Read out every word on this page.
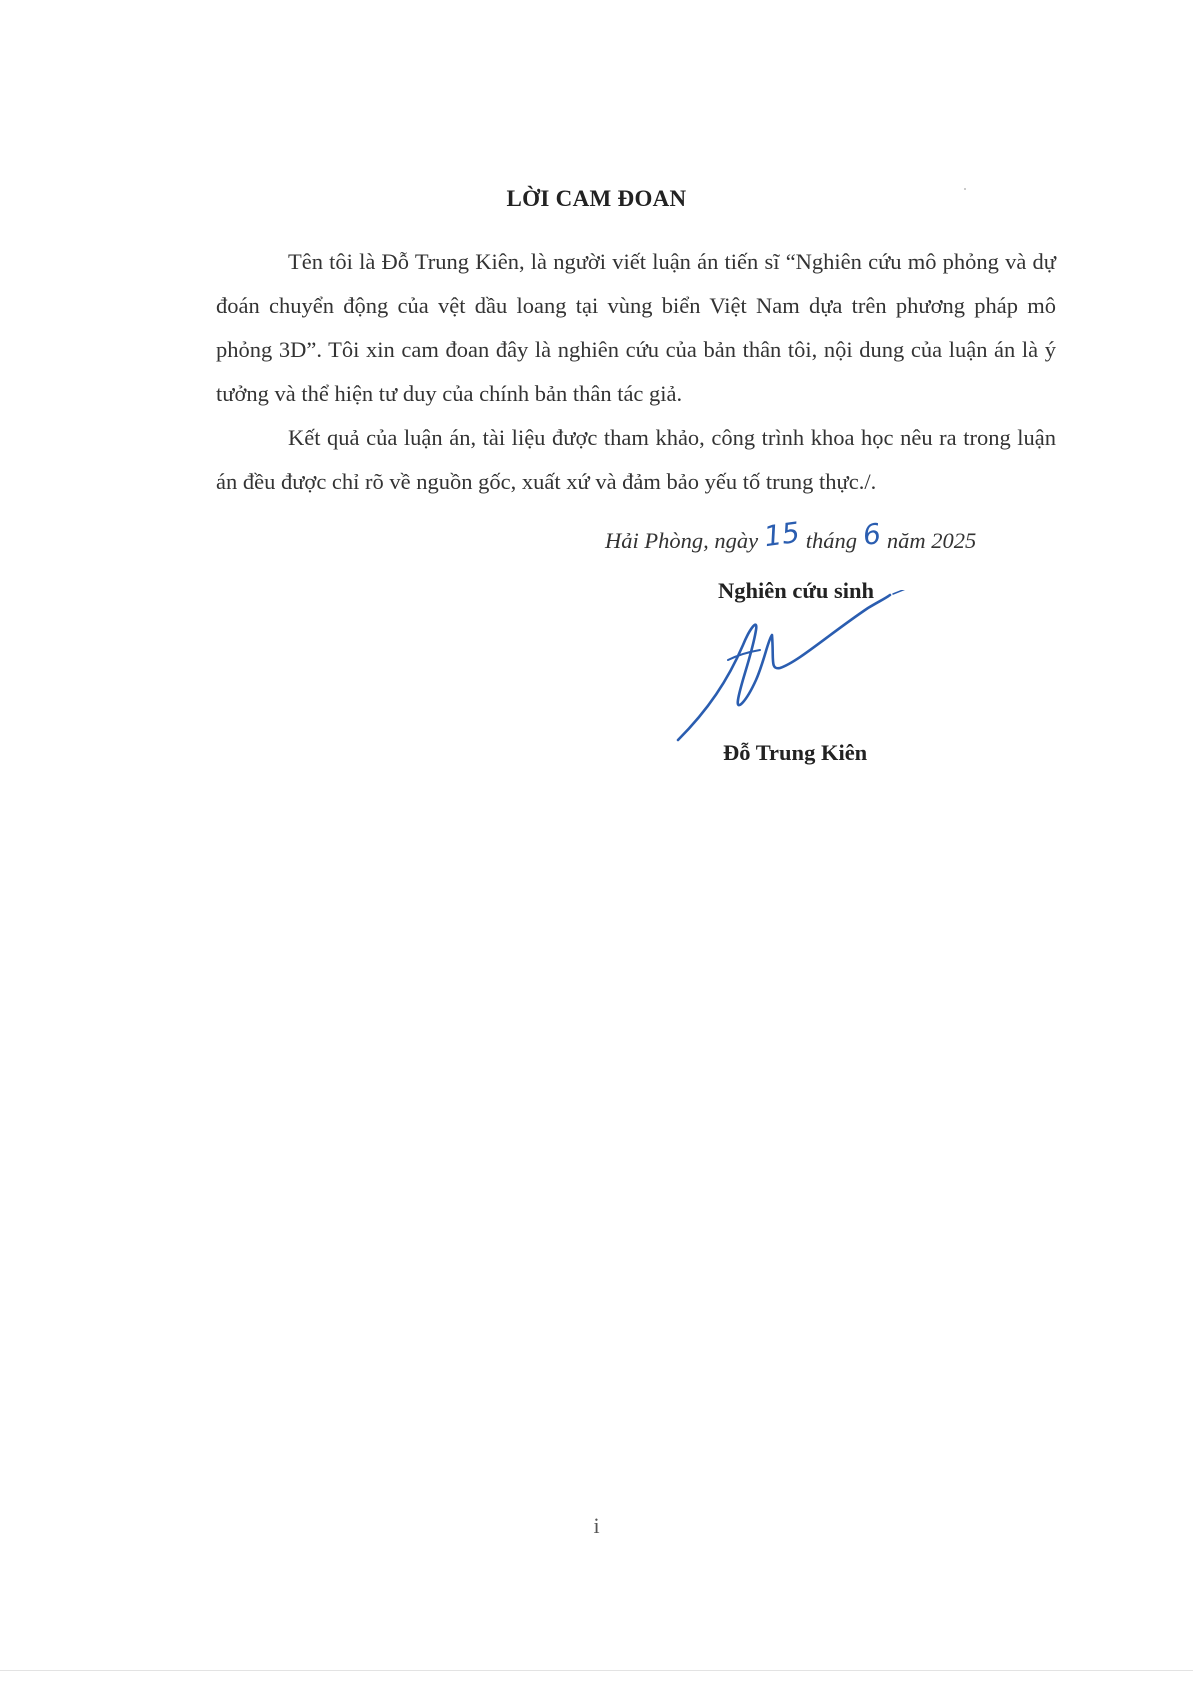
LỜI CAM ĐOAN

Tên tôi là Đỗ Trung Kiên, là người viết luận án tiến sĩ “Nghiên cứu mô phỏng và dự đoán chuyển động của vệt dầu loang tại vùng biển Việt Nam dựa trên phương pháp mô phỏng 3D”. Tôi xin cam đoan đây là nghiên cứu của bản thân tôi, nội dung của luận án là ý tưởng và thể hiện tư duy của chính bản thân tác giả.

Kết quả của luận án, tài liệu được tham khảo, công trình khoa học nêu ra trong luận án đều được chỉ rõ về nguồn gốc, xuất xứ và đảm bảo yếu tố trung thực./.

Hải Phòng, ngày 15 tháng 6 năm 2025
Nghiên cứu sinh
Đỗ Trung Kiên
i
